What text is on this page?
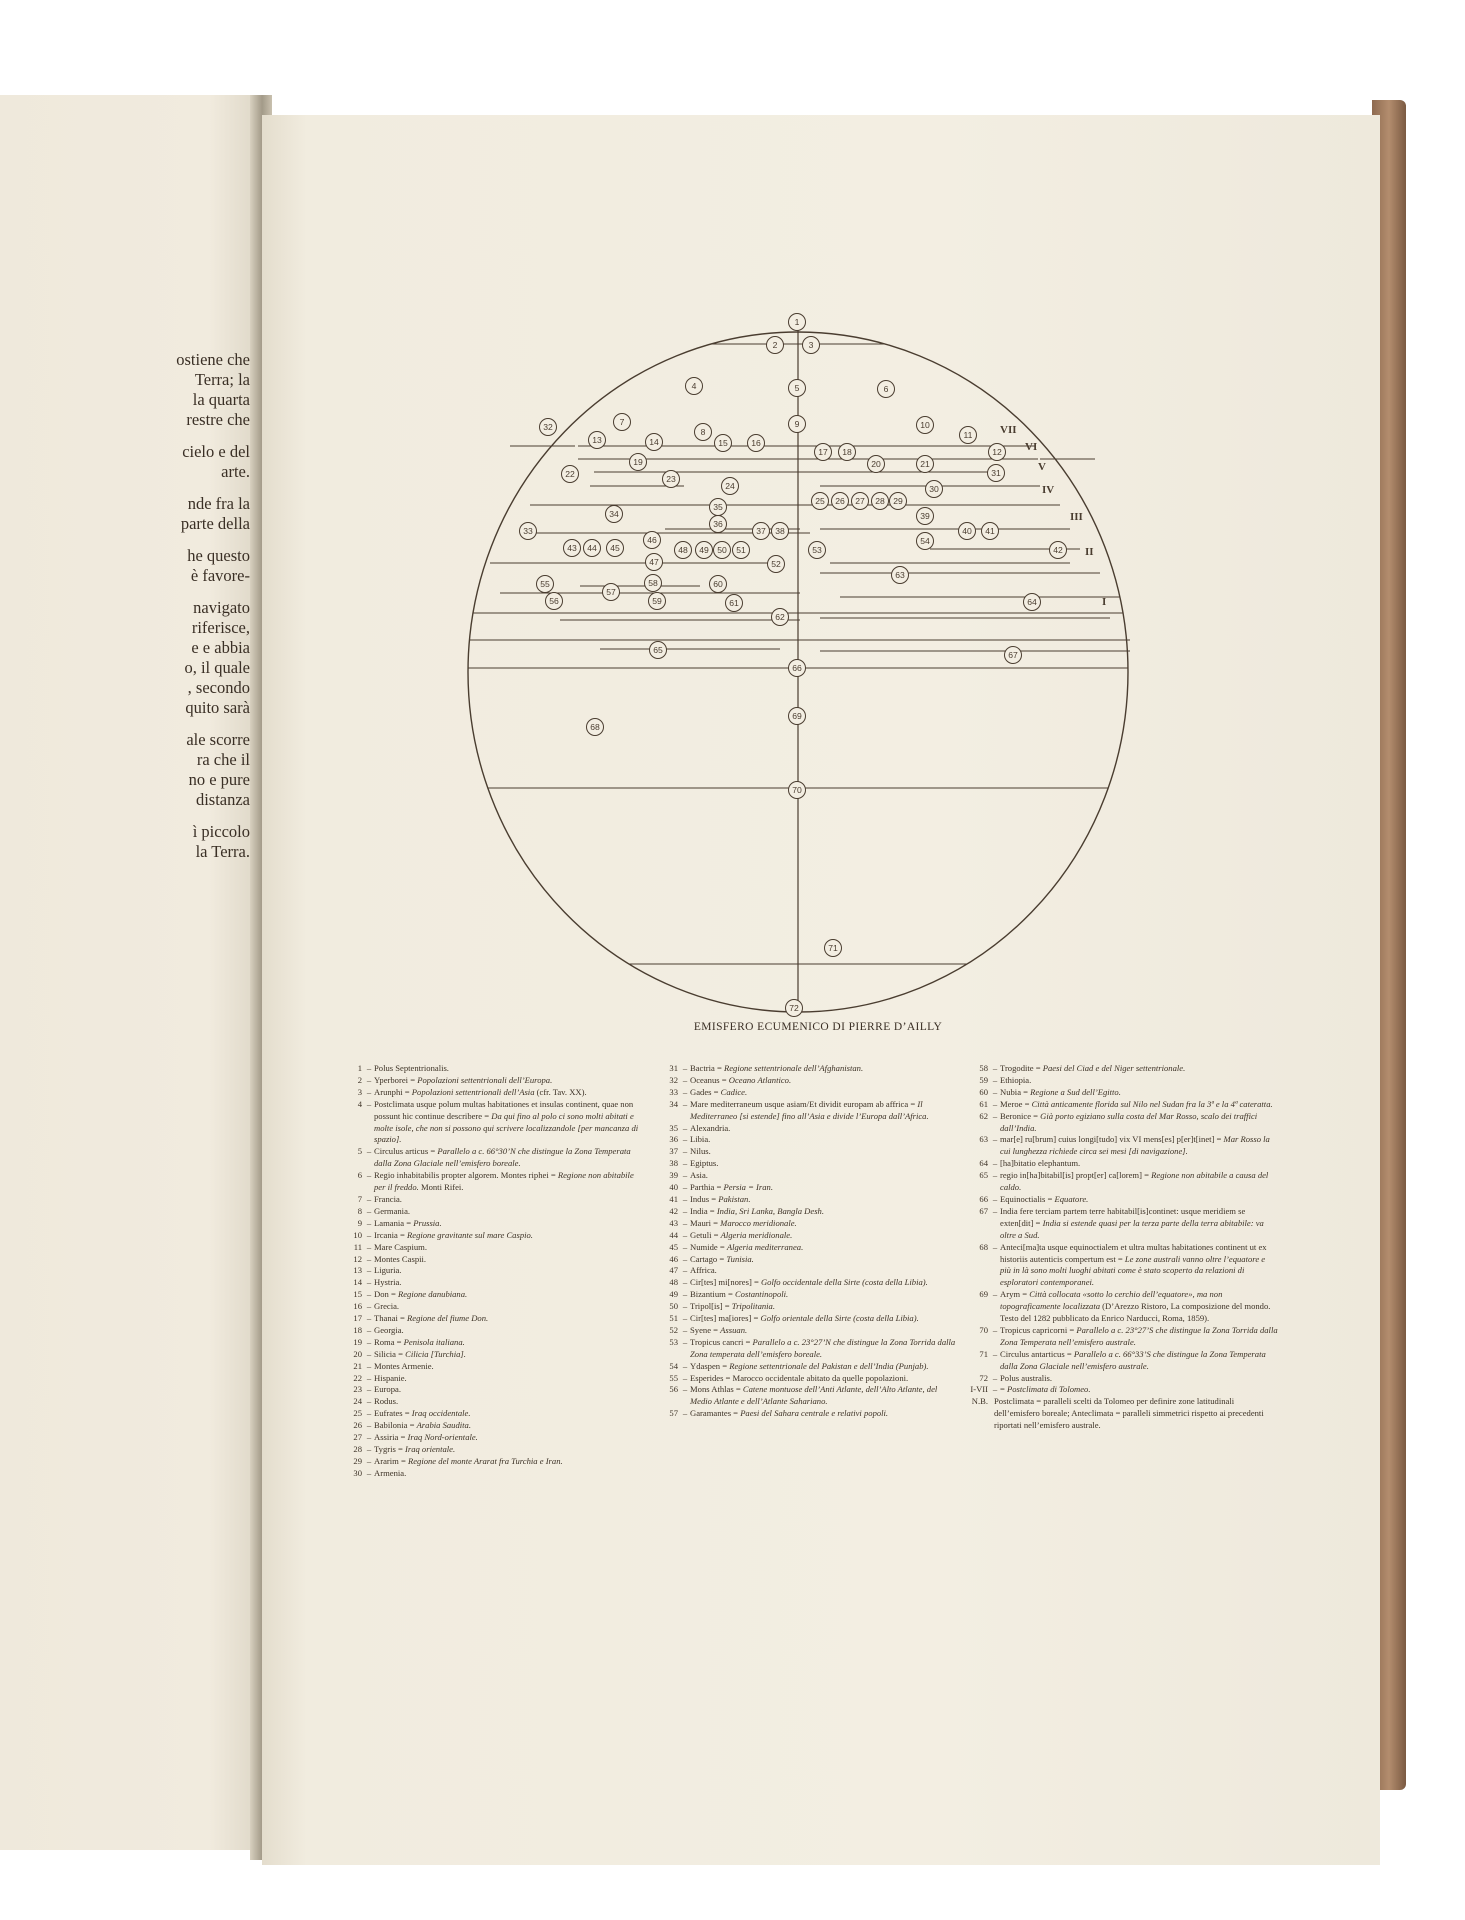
ostiene che
Terra; la
la quarta
restre che
cielo e del
arte.
nde fra la
parte della
he questo
è favore-
navigato
riferisce,
e e abbia
o, il quale
, secondo
quito sarà
ale scorre
ra che il
no e pure
distanza
ì piccolo
la Terra.
1
2	3
4	5	6
7
8
9	10
11
12
13	14	15	16
17 18
19	20	21
22	23
24
25 26 27 28 29
30
31
32
33
34
35
36
37 38
39
40 41
42
43 44 45
46
47
48 49 50 51
52
53
54
55
56
57
58
59
60
61
62
63
64
65
66
67
68
69
70
71
72
VII
VI
V
IV
III
II
I
EMISFERO ECUMENICO DI PIERRE D’AILLY
1 – Polus Septentrionalis.
2 – Yperborei = Popolazioni settentrionali dell’Europa.
3 – Arunphi = Popolazioni settentrionali dell’Asia (cfr. Tav. XX).
4 – Postclimata usque polum multas habitationes et insulas continent, quae non possunt hic continue describere = Da qui fino al polo ci sono molti abitati e molte isole, che non si possono qui scrivere localizzandole [per mancanza di spazio].
5 – Circulus articus = Parallelo a c. 66°30’N che distingue la Zona Temperata dalla Zona Glaciale nell’emisfero boreale.
6 – Regio inhabitabilis propter algorem. Montes riphei = Regione non abitabile per il freddo. Monti Rifei.
7 – Francia.
8 – Germania.
9 – Lamania = Prussia.
10 – Ircania = Regione gravitante sul mare Caspio.
11 – Mare Caspium.
12 – Montes Caspii.
13 – Liguria.
14 – Hystria.
15 – Don = Regione danubiana.
16 – Grecia.
17 – Thanai = Regione del fiume Don.
18 – Georgia.
19 – Roma = Penisola italiana.
20 – Silicia = Cilicia [Turchia].
21 – Montes Armenie.
22 – Hispanie.
23 – Europa.
24 – Rodus.
25 – Eufrates = Iraq occidentale.
26 – Babilonia = Arabia Saudita.
27 – Assiria = Iraq Nord-orientale.
28 – Tygris = Iraq orientale.
29 – Ararim = Regione del monte Ararat fra Turchia e Iran.
30 – Armenia.
31 – Bactria = Regione settentrionale dell’Afghanistan.
32 – Oceanus = Oceano Atlantico.
33 – Gades = Cadice.
34 – Mare mediterraneum usque asiam/Et dividit europam ab affrica = Il Mediterraneo [si estende] fino all’Asia e divide l’Europa dall’Africa.
35 – Alexandria.
36 – Libia.
37 – Nilus.
38 – Egiptus.
39 – Asia.
40 – Parthia = Persia = Iran.
41 – Indus = Pakistan.
42 – India = India, Sri Lanka, Bangla Desh.
43 – Mauri = Marocco meridionale.
44 – Getuli = Algeria meridionale.
45 – Numide = Algeria mediterranea.
46 – Cartago = Tunisia.
47 – Affrica.
48 – Cir[tes] mi[nores] = Golfo occidentale della Sirte (costa della Libia).
49 – Bizantium = Costantinopoli.
50 – Tripol[is] = Tripolitania.
51 – Cir[tes] ma[iores] = Golfo orientale della Sirte (costa della Libia).
52 – Syene = Assuan.
53 – Tropicus cancri = Parallelo a c. 23°27’N che distingue la Zona Torrida dalla Zona temperata dell’emisfero boreale.
54 – Ydaspen = Regione settentrionale del Pakistan e dell’India (Punjab).
55 – Esperides = Marocco occidentale abitato da quelle popolazioni.
56 – Mons Athlas = Catene montuose dell’Anti Atlante, dell’Alto Atlante, del Medio Atlante e dell’Atlante Sahariano.
57 – Garamantes = Paesi del Sahara centrale e relativi popoli.
58 – Trogodite = Paesi del Ciad e del Niger settentrionale.
59 – Ethiopia.
60 – Nubia = Regione a Sud dell’Egitto.
61 – Meroe = Città anticamente florida sul Nilo nel Sudan fra la 3ª e la 4ª cateratta.
62 – Beronice = Già porto egiziano sulla costa del Mar Rosso, scalo dei traffici dall’India.
63 – mar[e] ru[brum] cuius longi[tudo] vix VI mens[es] p[er]t[inet] = Mar Rosso la cui lunghezza richiede circa sei mesi [di navigazione].
64 – [ha]bitatio elephantum.
65 – regio in[ha]bitabil[is] propt[er] ca[lorem] = Regione non abitabile a causa del caldo.
66 – Equinoctialis = Equatore.
67 – India fere terciam partem terre habitabil[is]continet: usque meridiem se exten[dit] = India si estende quasi per la terza parte della terra abitabile: va oltre a Sud.
68 – Anteci[ma]ta usque equinoctialem et ultra multas habitationes continent ut ex historiis autenticis compertum est = Le zone australi vanno oltre l’equatore e più in là sono molti luoghi abitati come è stato scoperto da relazioni di esploratori contemporanei.
69 – Arym = Città collocata «sotto lo cerchio dell’equatore», ma non topograficamente localizzata (D’Arezzo Ristoro, La composizione del mondo. Testo del 1282 pubblicato da Enrico Narducci, Roma, 1859).
70 – Tropicus capricorni = Parallelo a c. 23°27’S che distingue la Zona Torrida dalla Zona Temperata nell’emisfero australe.
71 – Circulus antarticus = Parallelo a c. 66°33’S che distingue la Zona Temperata dalla Zona Glaciale nell’emisfero australe.
72 – Polus australis.
I-VII – = Postclimata di Tolomeo.
N.B. Postclimata = paralleli scelti da Tolomeo per definire zone latitudinali dell’emisfero boreale; Anteclimata = paralleli simmetrici rispetto ai precedenti riportati nell’emisfero australe.
